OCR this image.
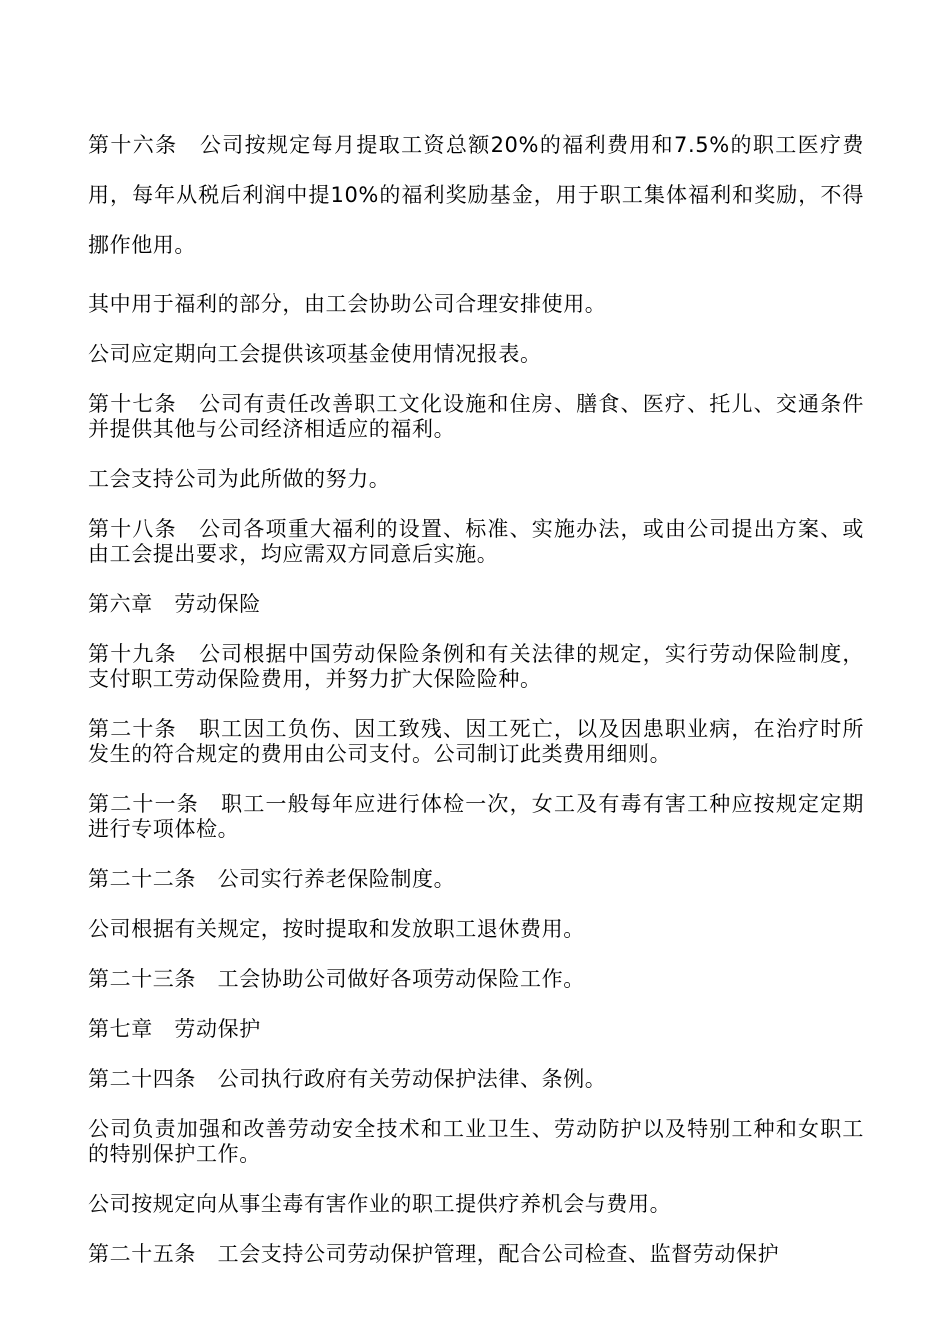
第十六条　公司按规定每月提取工资总额20%的福利费用和7.5%的职工医疗费用，每年从税后利润中提10%的福利奖励基金，用于职工集体福利和奖励，不得挪作他用。

其中用于福利的部分，由工会协助公司合理安排使用。

公司应定期向工会提供该项基金使用情况报表。

第十七条　公司有责任改善职工文化设施和住房、膳食、医疗、托儿、交通条件并提供其他与公司经济相适应的福利。

工会支持公司为此所做的努力。

第十八条　公司各项重大福利的设置、标准、实施办法，或由公司提出方案、或由工会提出要求，均应需双方同意后实施。

第六章　劳动保险

第十九条　公司根据中国劳动保险条例和有关法律的规定，实行劳动保险制度，支付职工劳动保险费用，并努力扩大保险险种。

第二十条　职工因工负伤、因工致残、因工死亡，以及因患职业病，在治疗时所发生的符合规定的费用由公司支付。公司制订此类费用细则。

第二十一条　职工一般每年应进行体检一次，女工及有毒有害工种应按规定定期进行专项体检。

第二十二条　公司实行养老保险制度。

公司根据有关规定，按时提取和发放职工退休费用。

第二十三条　工会协助公司做好各项劳动保险工作。

第七章　劳动保护

第二十四条　公司执行政府有关劳动保护法律、条例。

公司负责加强和改善劳动安全技术和工业卫生、劳动防护以及特别工种和女职工的特别保护工作。

公司按规定向从事尘毒有害作业的职工提供疗养机会与费用。

第二十五条　工会支持公司劳动保护管理，配合公司检查、监督劳动保护
